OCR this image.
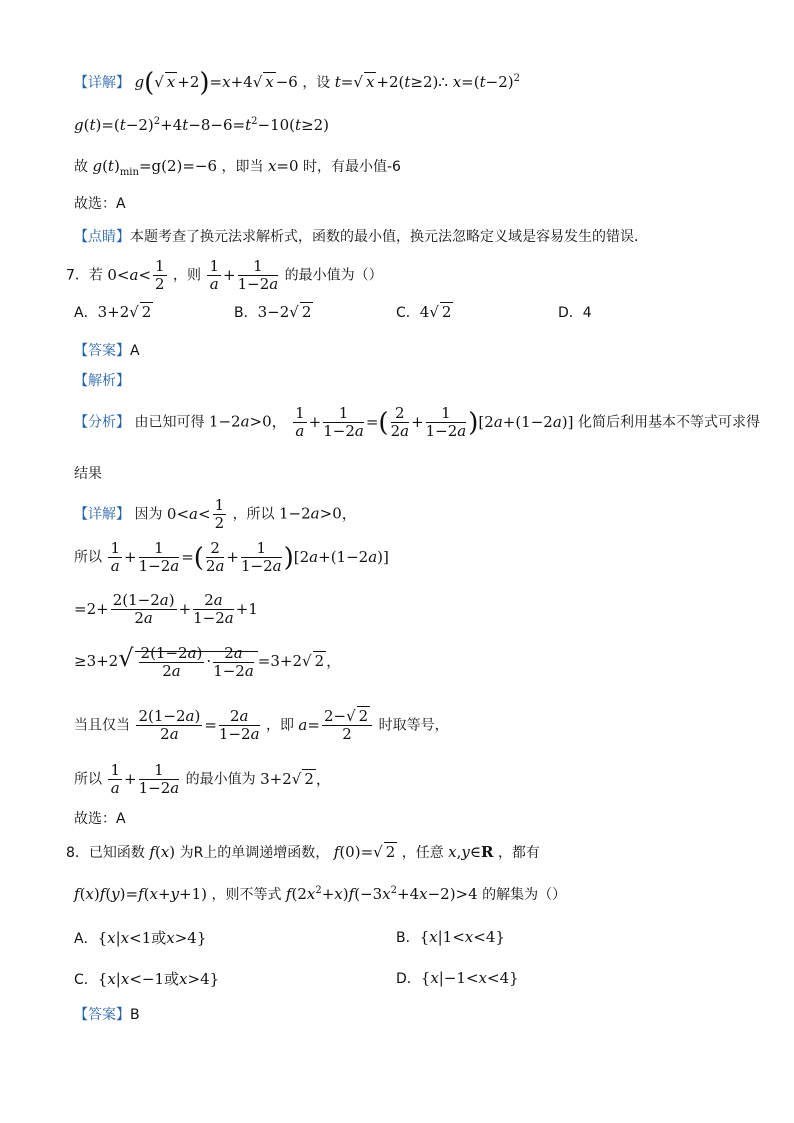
【详解】 g(√ x +2)=x+4√ x −6 ，设 t=√ x +2(t≥2)∴ $x=(t-2)^2$
$g(t)=(t-2)^2+4t-8-6=t^2-10(t\ge 2)$
故 $g(t)_{min}=g(2)=-6$ ，即当 x=0 时，有最小值-6
故选：A
【点睛】本题考查了换元法求解析式，函数的最小值，换元法忽略定义域是容易发生的错误.
7．若 $0<a< \frac{1}{2}$ ，则 $\frac{1}{a} + \frac{1}{1-2a}$ 的最小值为（）
A．3+2√ 2	B．3−2√ 2	C．4√ 2	D．4
【答案】A
【解析】
【分析】 由已知可得 1−2a>0， $\frac{1}{a} + \frac{1}{1-2a}$ =( $\frac{2}{2a} + \frac{1}{1-2a} )[2a+(1-2a)]$ 化简后利用基本不等式可求得
结果
【详解】 因为 $0<a< \frac{1}{2}$ ，所以 1−2a>0，
所以 $\frac{1}{a} + \frac{1}{1-2a}$ =( $\frac{2}{2a} + \frac{1}{1-2a} )[2a+(1-2a)]$
$=2+ \frac{2(1-2a)}{2a} + \frac{2a}{1-2a} +1$
$\ge 3+2√ \frac{2(1-2a)}{2a} \cdot \frac{2a}{1-2a} =3+2√$ 2 ，
当且仅当 $\frac{2(1-2a)}{2a} = \frac{2a}{1-2a}$ ，即 $a= \frac{2-√ 2}{2}$ 时取等号，
所以 $\frac{1}{a} + \frac{1}{1-2a}$ 的最小值为 3+2√ 2 ，
故选：A
8．已知函数 f(x) 为R上的单调递增函数， f(0)=√ 2 ，任意 x,y∈R ，都有
f(x)f(y)=f(x+y+1) ，则不等式 $f(2x^2+x)f(-3x^2+4x-2)>4$ 的解集为（）
A．{x|x<1或x>4}	B．{x|1<x<4}
C．{x|x<−1或x>4}	D．{x|−1<x<4}
【答案】B
